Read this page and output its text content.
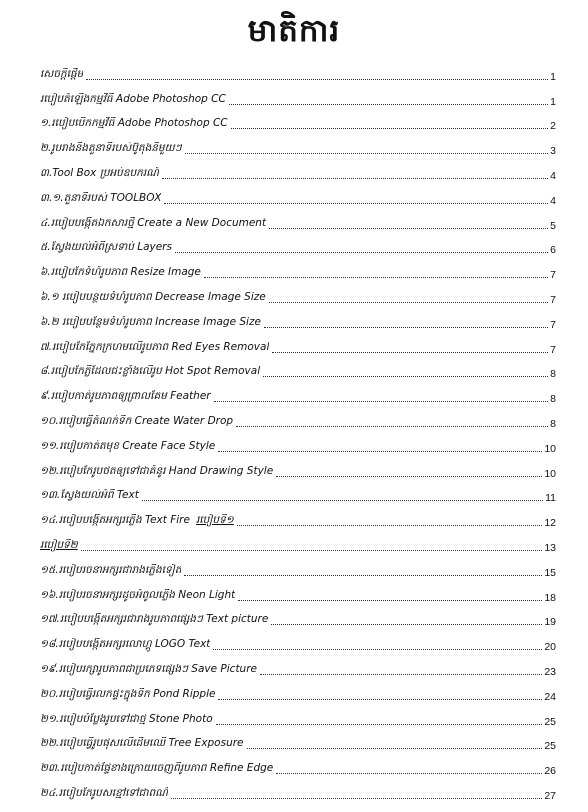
មាតិការ
សេចក្តីផ្តើម	1
របៀបតំឡើងកម្មវិធី Adobe Photoshop CC	1
១.របៀបបើកកម្មវិធី Adobe Photoshop CC	2
២.រូបរាងនិងតួនាទីរបស់ប៊ូតុងនិមួយៗ	3
៣.Tool Box ប្រអប់ឧបករណ៍	4
៣.១.តួនាទីរបស់ TOOLBOX	4
៤.របៀបបង្កើតឯកសារថ្មី Create a New Document	5
៥.ស្វែងយល់អំពីស្រទាប់ Layers	6
៦.របៀបកែទំហំរូបភាព Resize Image	7
៦.១ របៀបបន្ថយទំហំរូបភាព Decrease Image Size	7
៦.២ របៀបបន្ថែមទំហំរូបភាព Increase Image Size	7
៧.របៀបកែភ្នែកក្រហមលើរូបភាព Red Eyes Removal	7
៨.របៀបកែភ្លឺដែលជះខ្លាំងលើរូប Hot Spot Removal	8
៩.របៀបកាត់រូបភាពឲ្យព្រាលគែម Feather	8
១០.របៀបធ្វើតំណក់ទឹក Create Water Drop	8
១១.របៀបកាត់តមុខ Create Face Style	10
១២.របៀបកែរូបថតឲ្យទៅជាគំនូរ Hand Drawing Style	10
១៣.ស្វែងយល់អំពី Text	11
១៤.របៀបបង្កើតអក្សរភ្លើង Text Fire របៀបទី១	12
របៀបទី២	13
១៥.របៀបរចនាអក្សរជារាងភ្លើងទៀត	15
១៦.របៀបរចនាអក្សរដូចអំពូលភ្លើង Neon Light	18
១៧.របៀបបង្កើតអក្សរជារាងរូបភាពផ្សេងៗ Text picture	19
១៨.របៀបបង្កើតអក្សរលោហ្គូ LOGO Text	20
១៩.របៀបរក្សារូបភាពជាប្រភេទផ្សេងៗ Save Picture	23
២០.របៀបធ្វើរលកផ្ទះក្នុងទឹក Pond Ripple	24
២១.របៀបបំប្លែងរូបទៅជាថ្ម Stone Photo	25
២២.របៀបធ្វើរូបផុសលើដើមឈើ Tree Exposure	25
២៣.របៀបកាត់ផ្ទៃខាងក្រោយចេញពីរូបភាព Refine Edge	26
២៤.របៀបកែរូបសខ្មៅទៅជាពណ៌	27
